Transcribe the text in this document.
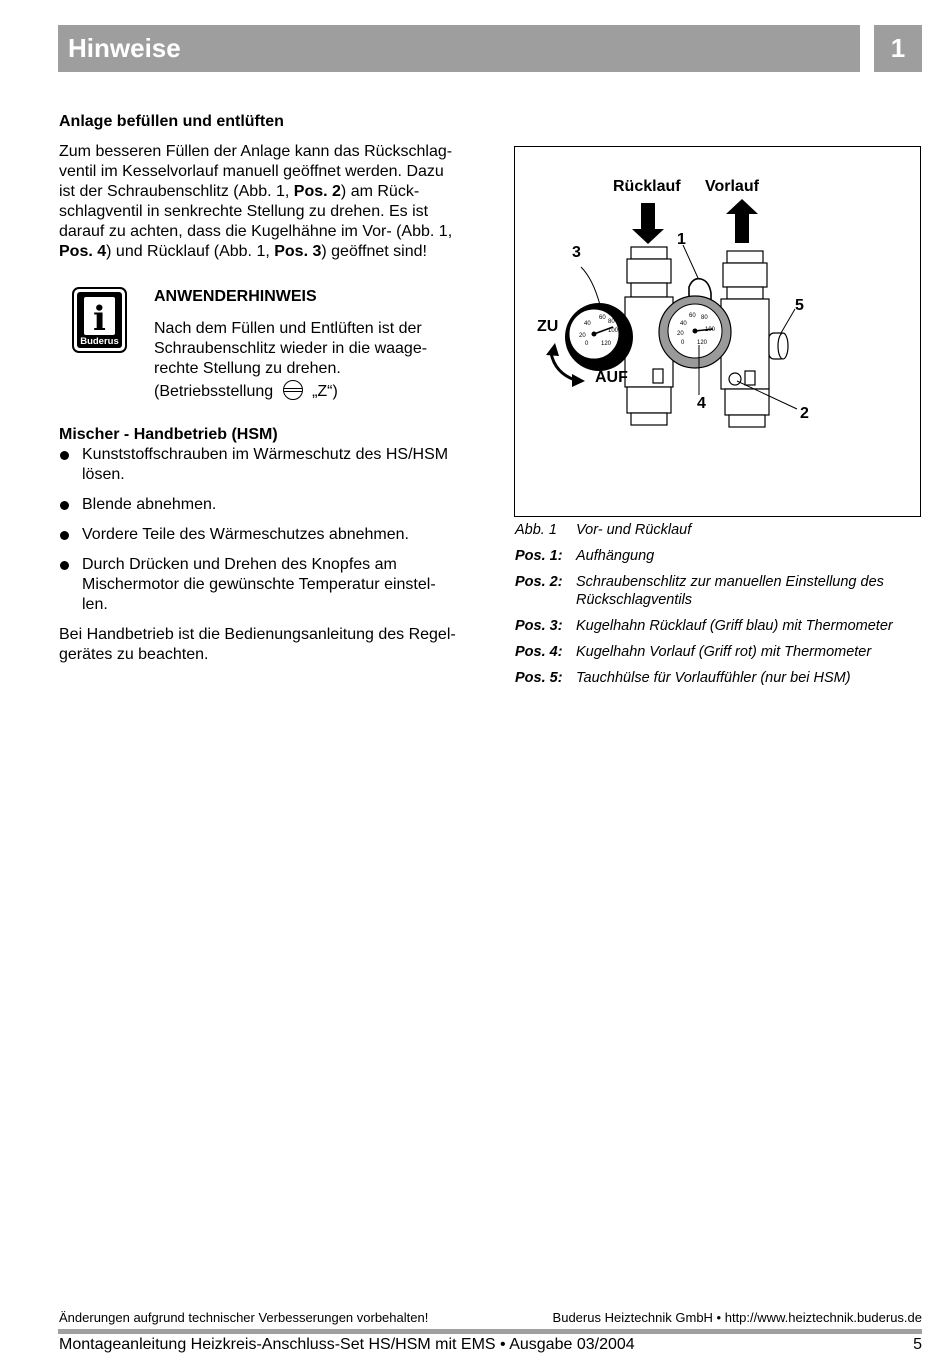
Hinweise	1

Anlage befüllen und entlüften

Zum besseren Füllen der Anlage kann das Rückschlag-
ventil im Kesselvorlauf manuell geöffnet werden. Dazu
ist der Schraubenschlitz (Abb. 1, Pos. 2) am Rück-
schlagventil in senkrechte Stellung zu drehen. Es ist
darauf zu achten, dass die Kugelhähne im Vor- (Abb. 1,
Pos. 4) und Rücklauf (Abb. 1, Pos. 3) geöffnet sind!
i
Buderus
ANWENDERHINWEIS
Nach dem Füllen und Entlüften ist der
Schraubenschlitz wieder in die waage-
rechte Stellung zu drehen.
(Betriebsstellung „Z“)

Mischer - Handbetrieb (HSM)

Kunststoffschrauben im Wärmeschutz des HS/HSM
lösen.
Blende abnehmen.
Vordere Teile des Wärmeschutzes abnehmen.
Durch Drücken und Drehen des Knopfes am
Mischermotor die gewünschte Temperatur einstel-
len.
Bei Handbetrieb ist die Bedienungsanleitung des Regel-
gerätes zu beachten.
60
80
40
100
20
120
0
60 80
40
100
20
120
0
Rücklauf Vorlauf
ZU
AUF
1
2
3
4
5
Abb. 1	Vor- und Rücklauf
Pos. 1: Aufhängung
Pos. 2: Schraubenschlitz zur manuellen Einstellung des
Rückschlagventils
Pos. 3: Kugelhahn Rücklauf (Griff blau) mit Thermometer
Pos. 4: Kugelhahn Vorlauf (Griff rot) mit Thermometer
Pos. 5: Tauchhülse für Vorlauffühler (nur bei HSM)
Änderungen aufgrund technischer Verbesserungen vorbehalten!	Buderus Heiztechnik GmbH • http://www.heiztechnik.buderus.de
Montageanleitung Heizkreis-Anschluss-Set HS/HSM mit EMS • Ausgabe 03/2004	5
